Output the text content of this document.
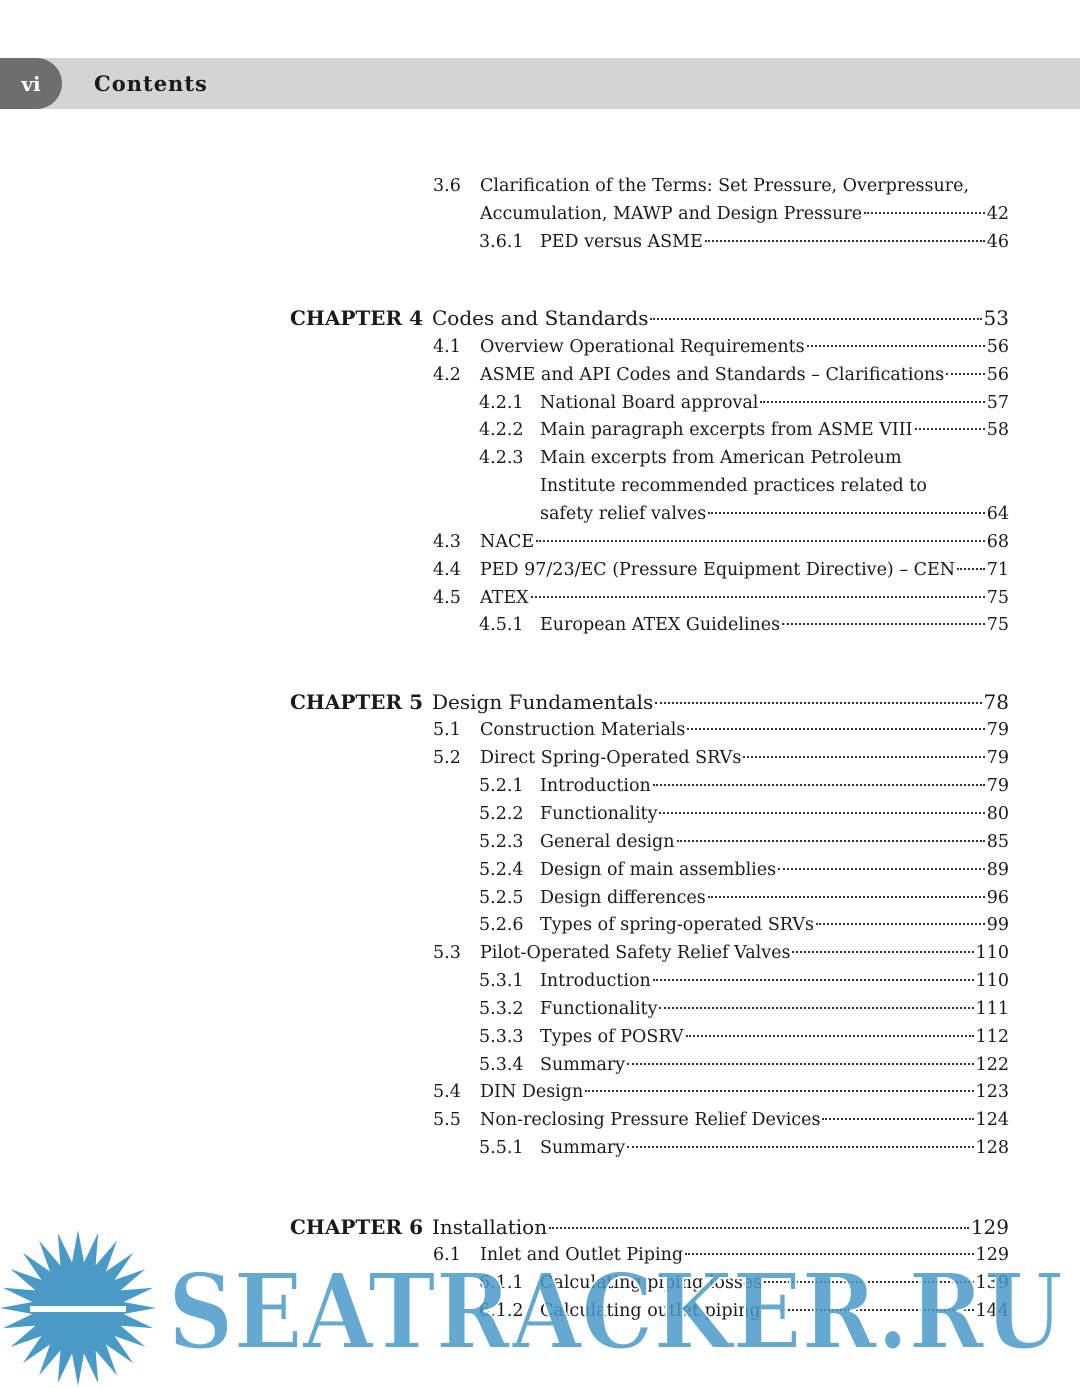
vi	Contents
3.6	Clarification of the Terms: Set Pressure, Overpressure,
Accumulation, MAWP and Design Pressure	42
3.6.1 PED versus ASME	46
CHAPTER 4 Codes and Standards	53
4.1	Overview Operational Requirements	56
4.2	ASME and API Codes and Standards – Clarifications 56
4.2.1 National Board approval	57
4.2.2 Main paragraph excerpts from ASME VIII	58
4.2.3 Main excerpts from American Petroleum
Institute recommended practices related to
safety relief valves	64
4.3	NACE	68
4.4	PED 97/23/EC (Pressure Equipment Directive) – CEN 71
4.5	ATEX	75
4.5.1 European ATEX Guidelines	75
CHAPTER 5 Design Fundamentals	78
5.1	Construction Materials	79
5.2	Direct Spring-Operated SRVs	79
5.2.1 Introduction	79
5.2.2 Functionality	80
5.2.3 General design	85
5.2.4 Design of main assemblies	89
5.2.5 Design differences	96
5.2.6 Types of spring-operated SRVs	99
5.3	Pilot-Operated Safety Relief Valves	110
5.3.1 Introduction	110
5.3.2 Functionality	111
5.3.3 Types of POSRV	112
5.3.4 Summary	122
5.4	DIN Design	123
5.5	Non-reclosing Pressure Relief Devices	124
5.5.1 Summary	128
CHAPTER 6 Installation	129
6.1	Inlet and Outlet Piping	129
6.1.1 Calculating piping losses	139
6.1.2 Calculating outlet piping	144
SEATRACKER.RU
